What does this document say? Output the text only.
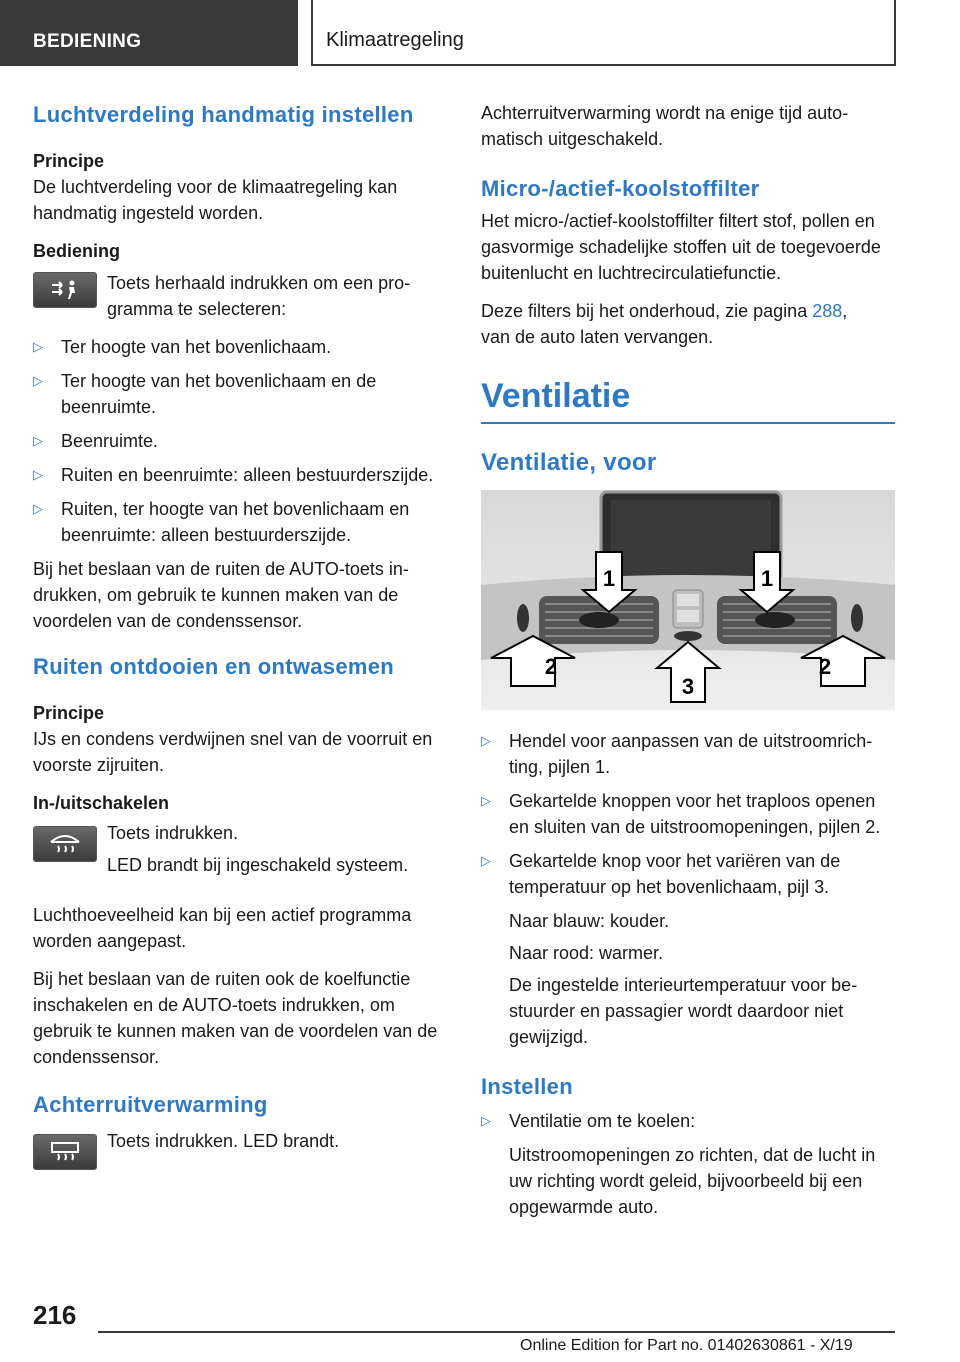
BEDIENING	Klimaatregeling
Luchtverdeling handmatig instellen
Principe

De luchtverdeling voor de klimaatregeling kan handmatig ingesteld worden.

Bediening
Toets herhaald indrukken om een programma te selecteren:
▷ Ter hoogte van het bovenlichaam.
▷ Ter hoogte van het bovenlichaam en de beenruimte.
▷ Beenruimte.
▷ Ruiten en beenruimte: alleen bestuurderszijde.
▷ Ruiten, ter hoogte van het bovenlichaam en beenruimte: alleen bestuurderszijde.

Bij het beslaan van de ruiten de AUTO-toets indrukken, om gebruik te kunnen maken van de voordelen van de condenssensor.

Ruiten ontdooien en ontwasemen
Principe

IJs en condens verdwijnen snel van de voorruit en voorste zijruiten.

In-/uitschakelen

Toets indrukken.

LED brandt bij ingeschakeld systeem.

Luchthoeveelheid kan bij een actief programma worden aangepast.

Bij het beslaan van de ruiten ook de koelfunctie inschakelen en de AUTO-toets indrukken, om gebruik te kunnen maken van de voordelen van de condenssensor.

Achterruitverwarming
Toets indrukken. LED brandt.

Achterruitverwarming wordt na enige tijd automatisch uitgeschakeld.

Micro-/actief-koolstoffilter

Het micro-/actief-koolstoffilter filtert stof, pollen en gasvormige schadelijke stoffen uit de toegevoerde buitenlucht en luchtrecirculatiefunctie.

Deze filters bij het onderhoud, zie pagina 288,
van de auto laten vervangen.

Ventilatie
Ventilatie, voor
1	1
2
3
2
▷ Hendel voor aanpassen van de uitstroomrichting, pijlen 1.
▷ Gekartelde knoppen voor het traploos openen en sluiten van de uitstroomopeningen, pijlen 2.
▷ Gekartelde knop voor het variëren van de temperatuur op het bovenlichaam, pijl 3.
Naar blauw: kouder.
Naar rood: warmer.
De ingestelde interieurtemperatuur voor bestuurder en passagier wordt daardoor niet gewijzigd.
Instellen
▷ Ventilatie om te koelen:
Uitstroomopeningen zo richten, dat de lucht in uw richting wordt geleid, bijvoorbeeld bij een opgewarmde auto.
216
Online Edition for Part no. 01402630861 - X/19
